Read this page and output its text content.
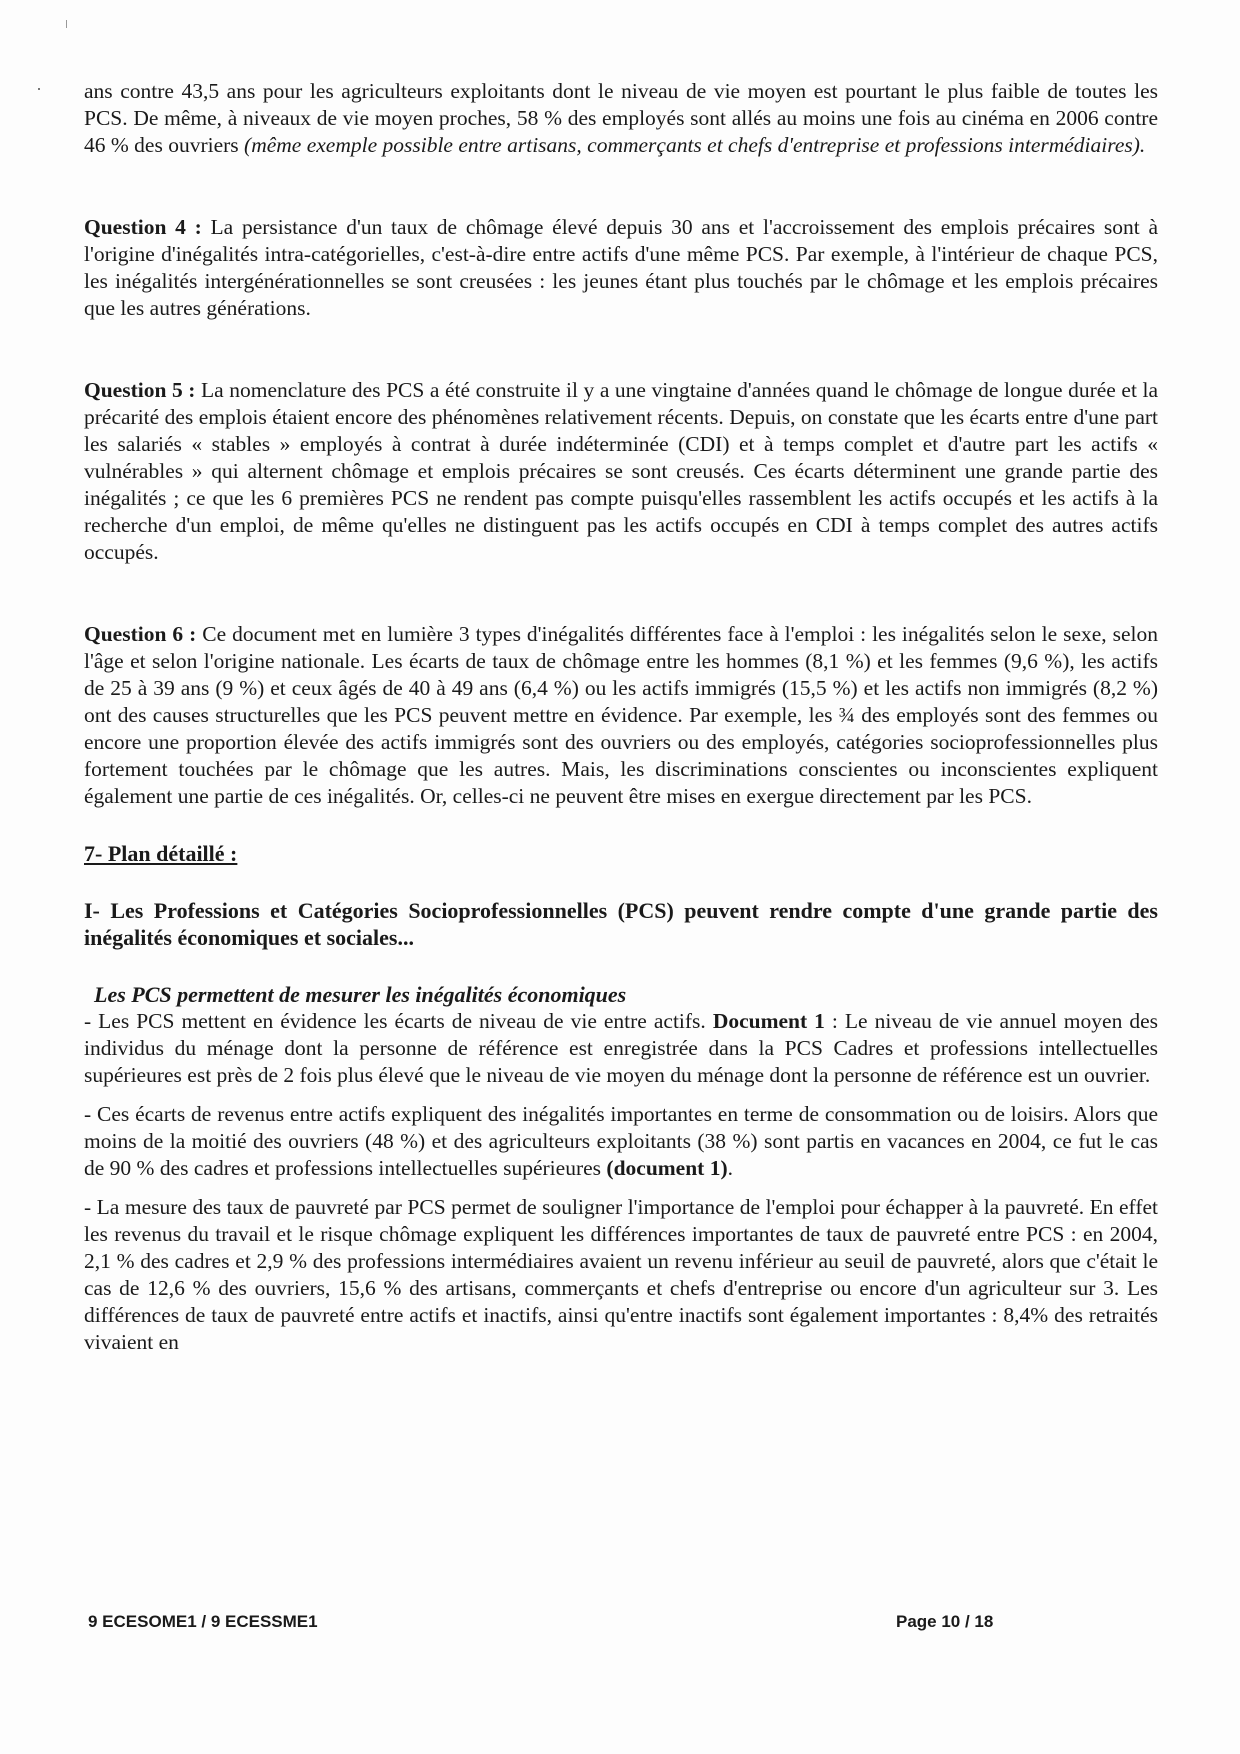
ans contre 43,5 ans pour les agriculteurs exploitants dont le niveau de vie moyen est pourtant le plus faible de toutes les PCS. De même, à niveaux de vie moyen proches, 58 % des employés sont allés au moins une fois au cinéma en 2006 contre 46 % des ouvriers (même exemple possible entre artisans, commerçants et chefs d'entreprise et professions intermédiaires).

Question 4 : La persistance d'un taux de chômage élevé depuis 30 ans et l'accroissement des emplois précaires sont à l'origine d'inégalités intra-catégorielles, c'est-à-dire entre actifs d'une même PCS. Par exemple, à l'intérieur de chaque PCS, les inégalités intergénérationnelles se sont creusées : les jeunes étant plus touchés par le chômage et les emplois précaires que les autres générations.

Question 5 : La nomenclature des PCS a été construite il y a une vingtaine d'années quand le chômage de longue durée et la précarité des emplois étaient encore des phénomènes relativement récents. Depuis, on constate que les écarts entre d'une part les salariés « stables » employés à contrat à durée indéterminée (CDI) et à temps complet et d'autre part les actifs « vulnérables » qui alternent chômage et emplois précaires se sont creusés. Ces écarts déterminent une grande partie des inégalités ; ce que les 6 premières PCS ne rendent pas compte puisqu'elles rassemblent les actifs occupés et les actifs à la recherche d'un emploi, de même qu'elles ne distinguent pas les actifs occupés en CDI à temps complet des autres actifs occupés.

Question 6 : Ce document met en lumière 3 types d'inégalités différentes face à l'emploi : les inégalités selon le sexe, selon l'âge et selon l'origine nationale. Les écarts de taux de chômage entre les hommes (8,1 %) et les femmes (9,6 %), les actifs de 25 à 39 ans (9 %) et ceux âgés de 40 à 49 ans (6,4 %) ou les actifs immigrés (15,5 %) et les actifs non immigrés (8,2 %) ont des causes structurelles que les PCS peuvent mettre en évidence. Par exemple, les ¾ des employés sont des femmes ou encore une proportion élevée des actifs immigrés sont des ouvriers ou des employés, catégories socioprofessionnelles plus fortement touchées par le chômage que les autres. Mais, les discriminations conscientes ou inconscientes expliquent également une partie de ces inégalités. Or, celles-ci ne peuvent être mises en exergue directement par les PCS.

7- Plan détaillé :

I- Les Professions et Catégories Socioprofessionnelles (PCS) peuvent rendre compte d'une grande partie des inégalités économiques et sociales...

Les PCS permettent de mesurer les inégalités économiques

- Les PCS mettent en évidence les écarts de niveau de vie entre actifs. Document 1 : Le niveau de vie annuel moyen des individus du ménage dont la personne de référence est enregistrée dans la PCS Cadres et professions intellectuelles supérieures est près de 2 fois plus élevé que le niveau de vie moyen du ménage dont la personne de référence est un ouvrier.

- Ces écarts de revenus entre actifs expliquent des inégalités importantes en terme de consommation ou de loisirs. Alors que moins de la moitié des ouvriers (48 %) et des agriculteurs exploitants (38 %) sont partis en vacances en 2004, ce fut le cas de 90 % des cadres et professions intellectuelles supérieures (document 1).

- La mesure des taux de pauvreté par PCS permet de souligner l'importance de l'emploi pour échapper à la pauvreté. En effet les revenus du travail et le risque chômage expliquent les différences importantes de taux de pauvreté entre PCS : en 2004, 2,1 % des cadres et 2,9 % des professions intermédiaires avaient un revenu inférieur au seuil de pauvreté, alors que c'était le cas de 12,6 % des ouvriers, 15,6 % des artisans, commerçants et chefs d'entreprise ou encore d'un agriculteur sur 3. Les différences de taux de pauvreté entre actifs et inactifs, ainsi qu'entre inactifs sont également importantes : 8,4% des retraités vivaient en

9 ECESOME1 / 9 ECESSME1	Page 10 / 18
